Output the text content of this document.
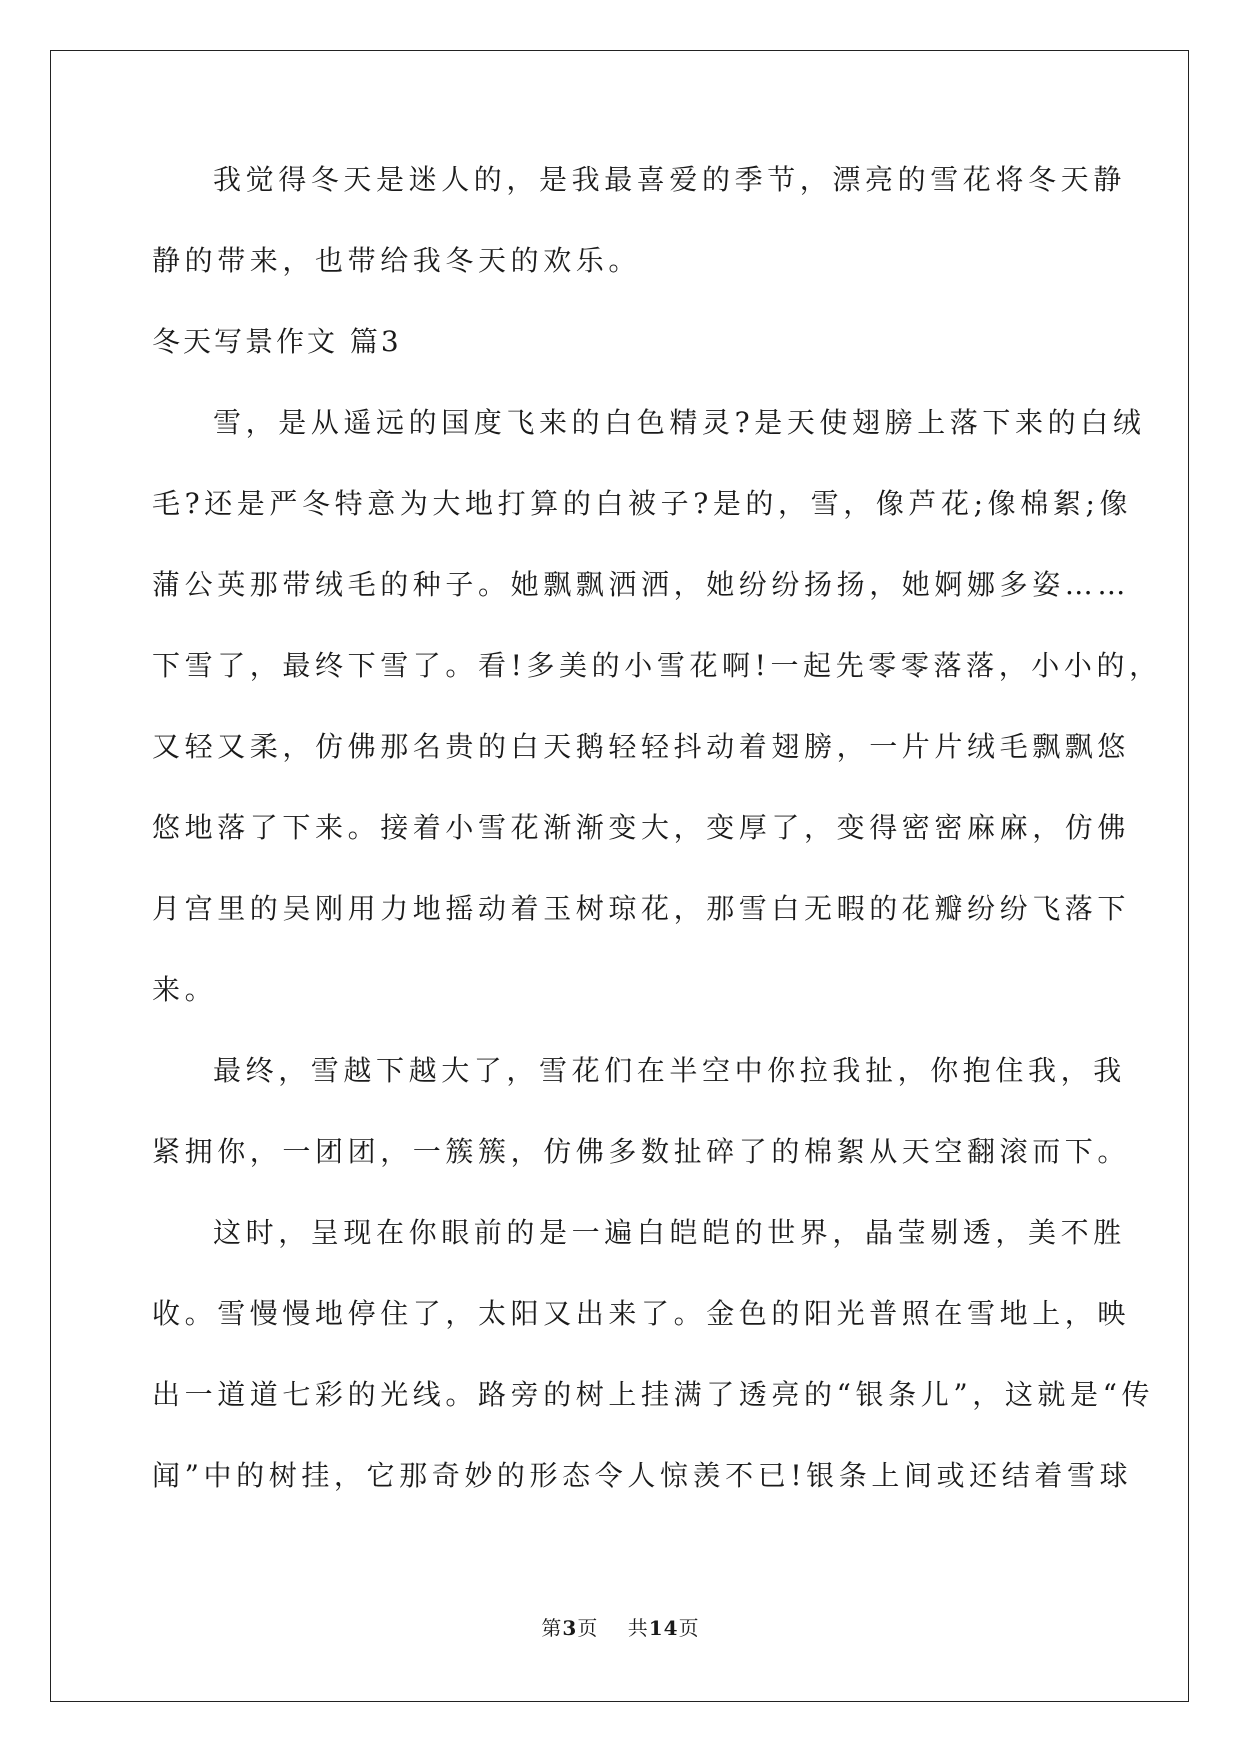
我觉得冬天是迷人的，是我最喜爱的季节，漂亮的雪花将冬天静
静的带来，也带给我冬天的欢乐。
冬天写景作文 篇3
雪，是从遥远的国度飞来的白色精灵?是天使翅膀上落下来的白绒
毛?还是严冬特意为大地打算的白被子?是的，雪，像芦花;像棉絮;像
蒲公英那带绒毛的种子。她飘飘洒洒，她纷纷扬扬，她婀娜多姿……
下雪了，最终下雪了。看!多美的小雪花啊!一起先零零落落，小小的，
又轻又柔，仿佛那名贵的白天鹅轻轻抖动着翅膀，一片片绒毛飘飘悠
悠地落了下来。接着小雪花渐渐变大，变厚了，变得密密麻麻，仿佛
月宫里的吴刚用力地摇动着玉树琼花，那雪白无暇的花瓣纷纷飞落下
来。
最终，雪越下越大了，雪花们在半空中你拉我扯，你抱住我，我
紧拥你，一团团，一簇簇，仿佛多数扯碎了的棉絮从天空翻滚而下。
这时，呈现在你眼前的是一遍白皑皑的世界，晶莹剔透，美不胜
收。雪慢慢地停住了，太阳又出来了。金色的阳光普照在雪地上，映
出一道道七彩的光线。路旁的树上挂满了透亮的“银条儿”，这就是“传
闻”中的树挂，它那奇妙的形态令人惊羡不已!银条上间或还结着雪球
第3页 共14页
